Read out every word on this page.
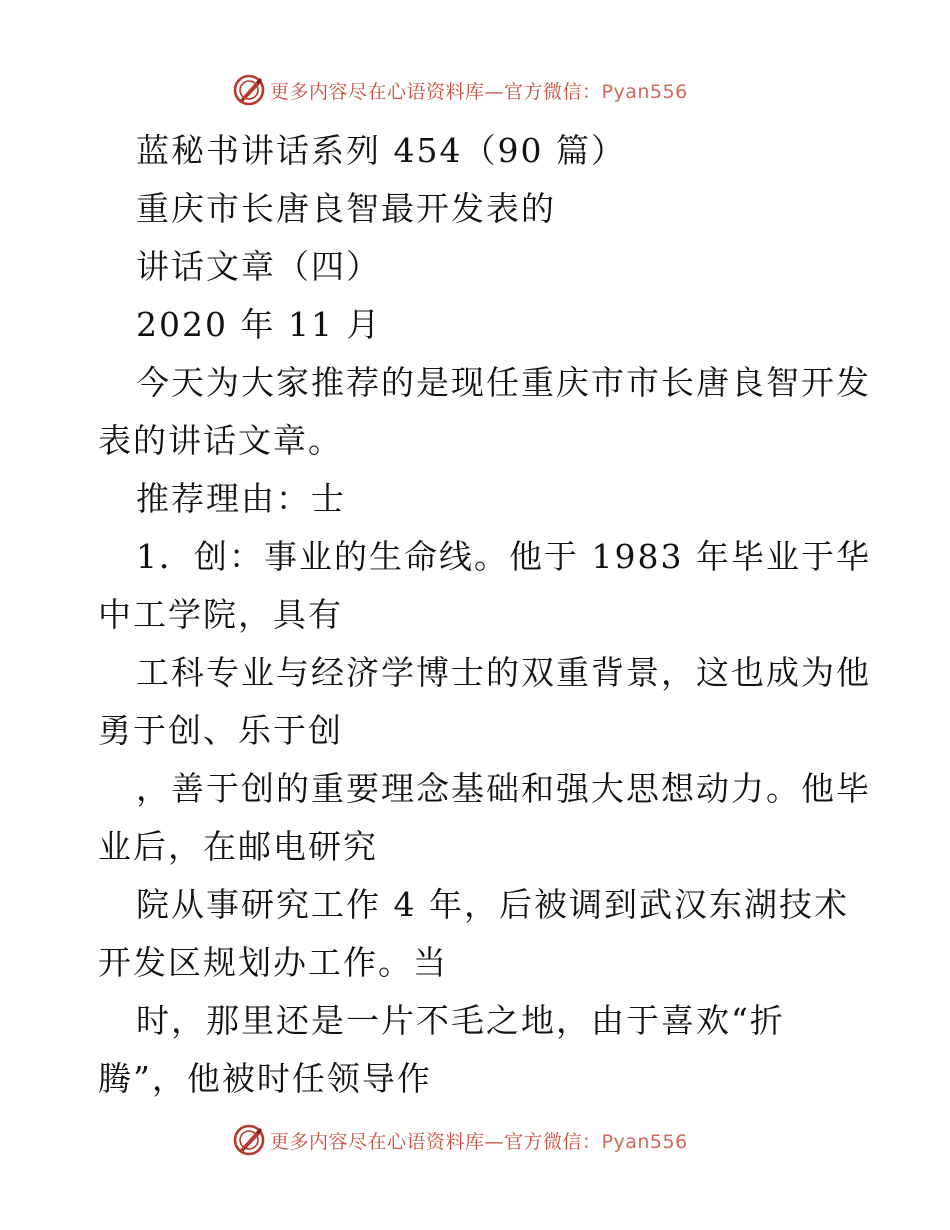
更多内容尽在心语资料库—官方微信：Pyan556
蓝秘书讲话系列 454（90 篇）
重庆市长唐良智最开发表的
讲话文章（四）
2020 年 11 月
今天为大家推荐的是现任重庆市市长唐良智开发
表的讲话文章。
推荐理由：士
1．创：事业的生命线。他于 1983 年毕业于华
中工学院，具有
工科专业与经济学博士的双重背景，这也成为他
勇于创、乐于创
，善于创的重要理念基础和强大思想动力。他毕
业后，在邮电研究
院从事研究工作 4 年，后被调到武汉东湖技术
开发区规划办工作。当
时，那里还是一片不毛之地，由于喜欢“折
腾”，他被时任领导作
更多内容尽在心语资料库—官方微信：Pyan556
